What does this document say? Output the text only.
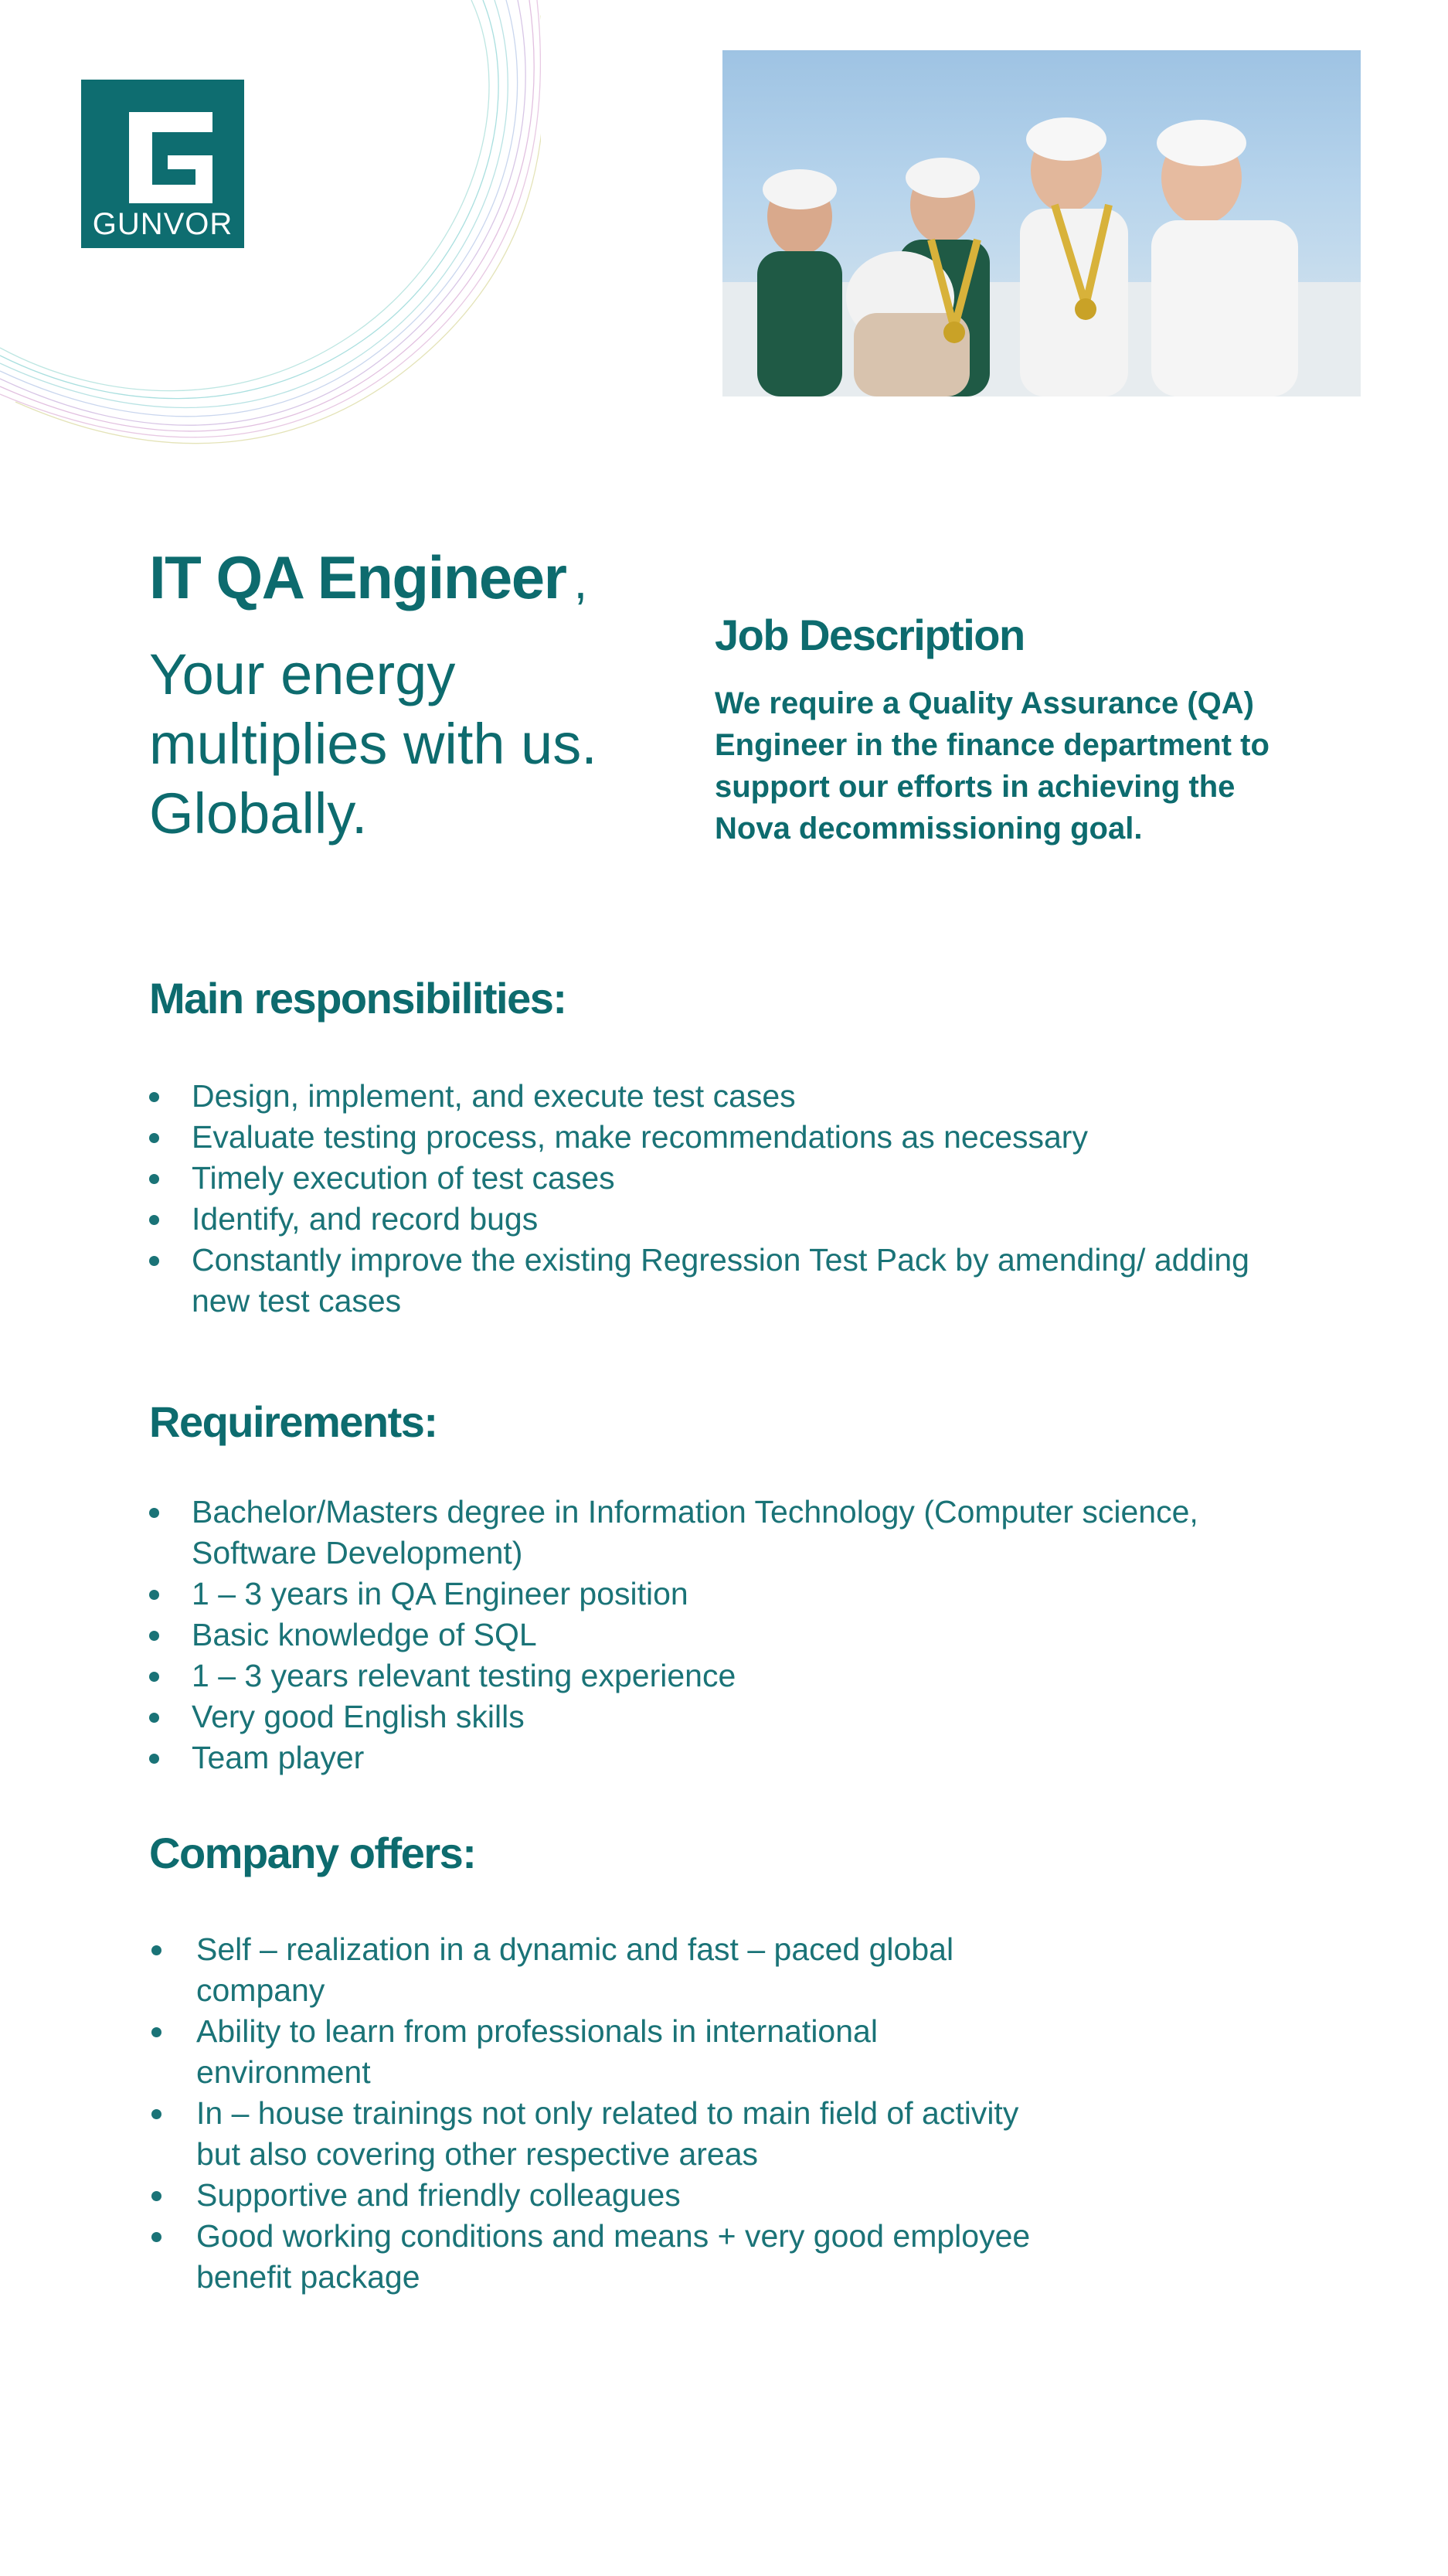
GUNVOR
IT QA Engineer ,
Your energy
multiplies with us.
Globally.
Job Description
We require a Quality Assurance (QA) Engineer in the finance department to support our efforts in achieving the Nova decommissioning goal.
Main responsibilities:
Design, implement, and execute test cases
Evaluate testing process, make recommendations as necessary
Timely execution of test cases
Identify, and record bugs
Constantly improve the existing Regression Test Pack by amending/ adding new test cases
Requirements:
Bachelor/Masters degree in Information Technology (Computer science, Software Development)
1 – 3 years in QA Engineer position
Basic knowledge of SQL
1 – 3 years relevant testing experience
Very good English skills
Team player
Company offers:
Self – realization in a dynamic and fast – paced global company
Ability to learn from professionals in international environment
In – house trainings not only related to main field of activity but also covering other respective areas
Supportive and friendly colleagues
Good working conditions and means + very good employee benefit package
